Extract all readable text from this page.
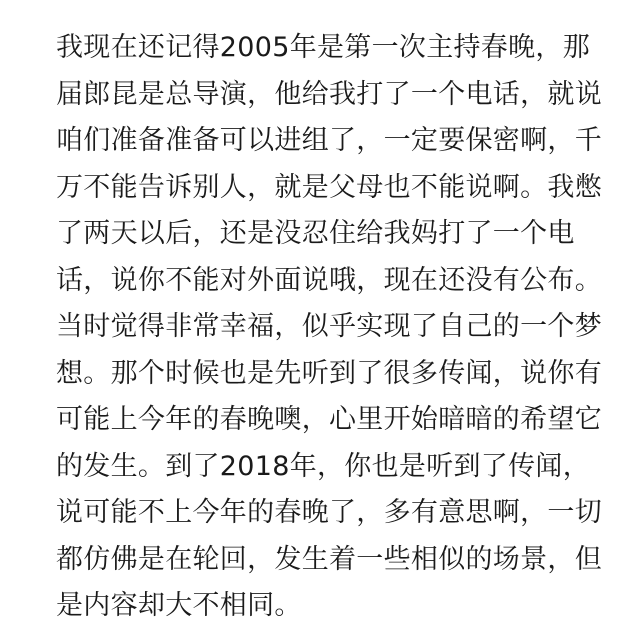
我现在还记得2005年是第一次主持春晚，那
届郎昆是总导演，他给我打了一个电话，就说
咱们准备准备可以进组了，一定要保密啊，千
万不能告诉别人，就是父母也不能说啊。我憋
了两天以后，还是没忍住给我妈打了一个电
话，说你不能对外面说哦，现在还没有公布。
当时觉得非常幸福，似乎实现了自己的一个梦
想。那个时候也是先听到了很多传闻，说你有
可能上今年的春晚噢，心里开始暗暗的希望它
的发生。到了2018年，你也是听到了传闻，
说可能不上今年的春晚了，多有意思啊，一切
都仿佛是在轮回，发生着一些相似的场景，但
是内容却大不相同。
